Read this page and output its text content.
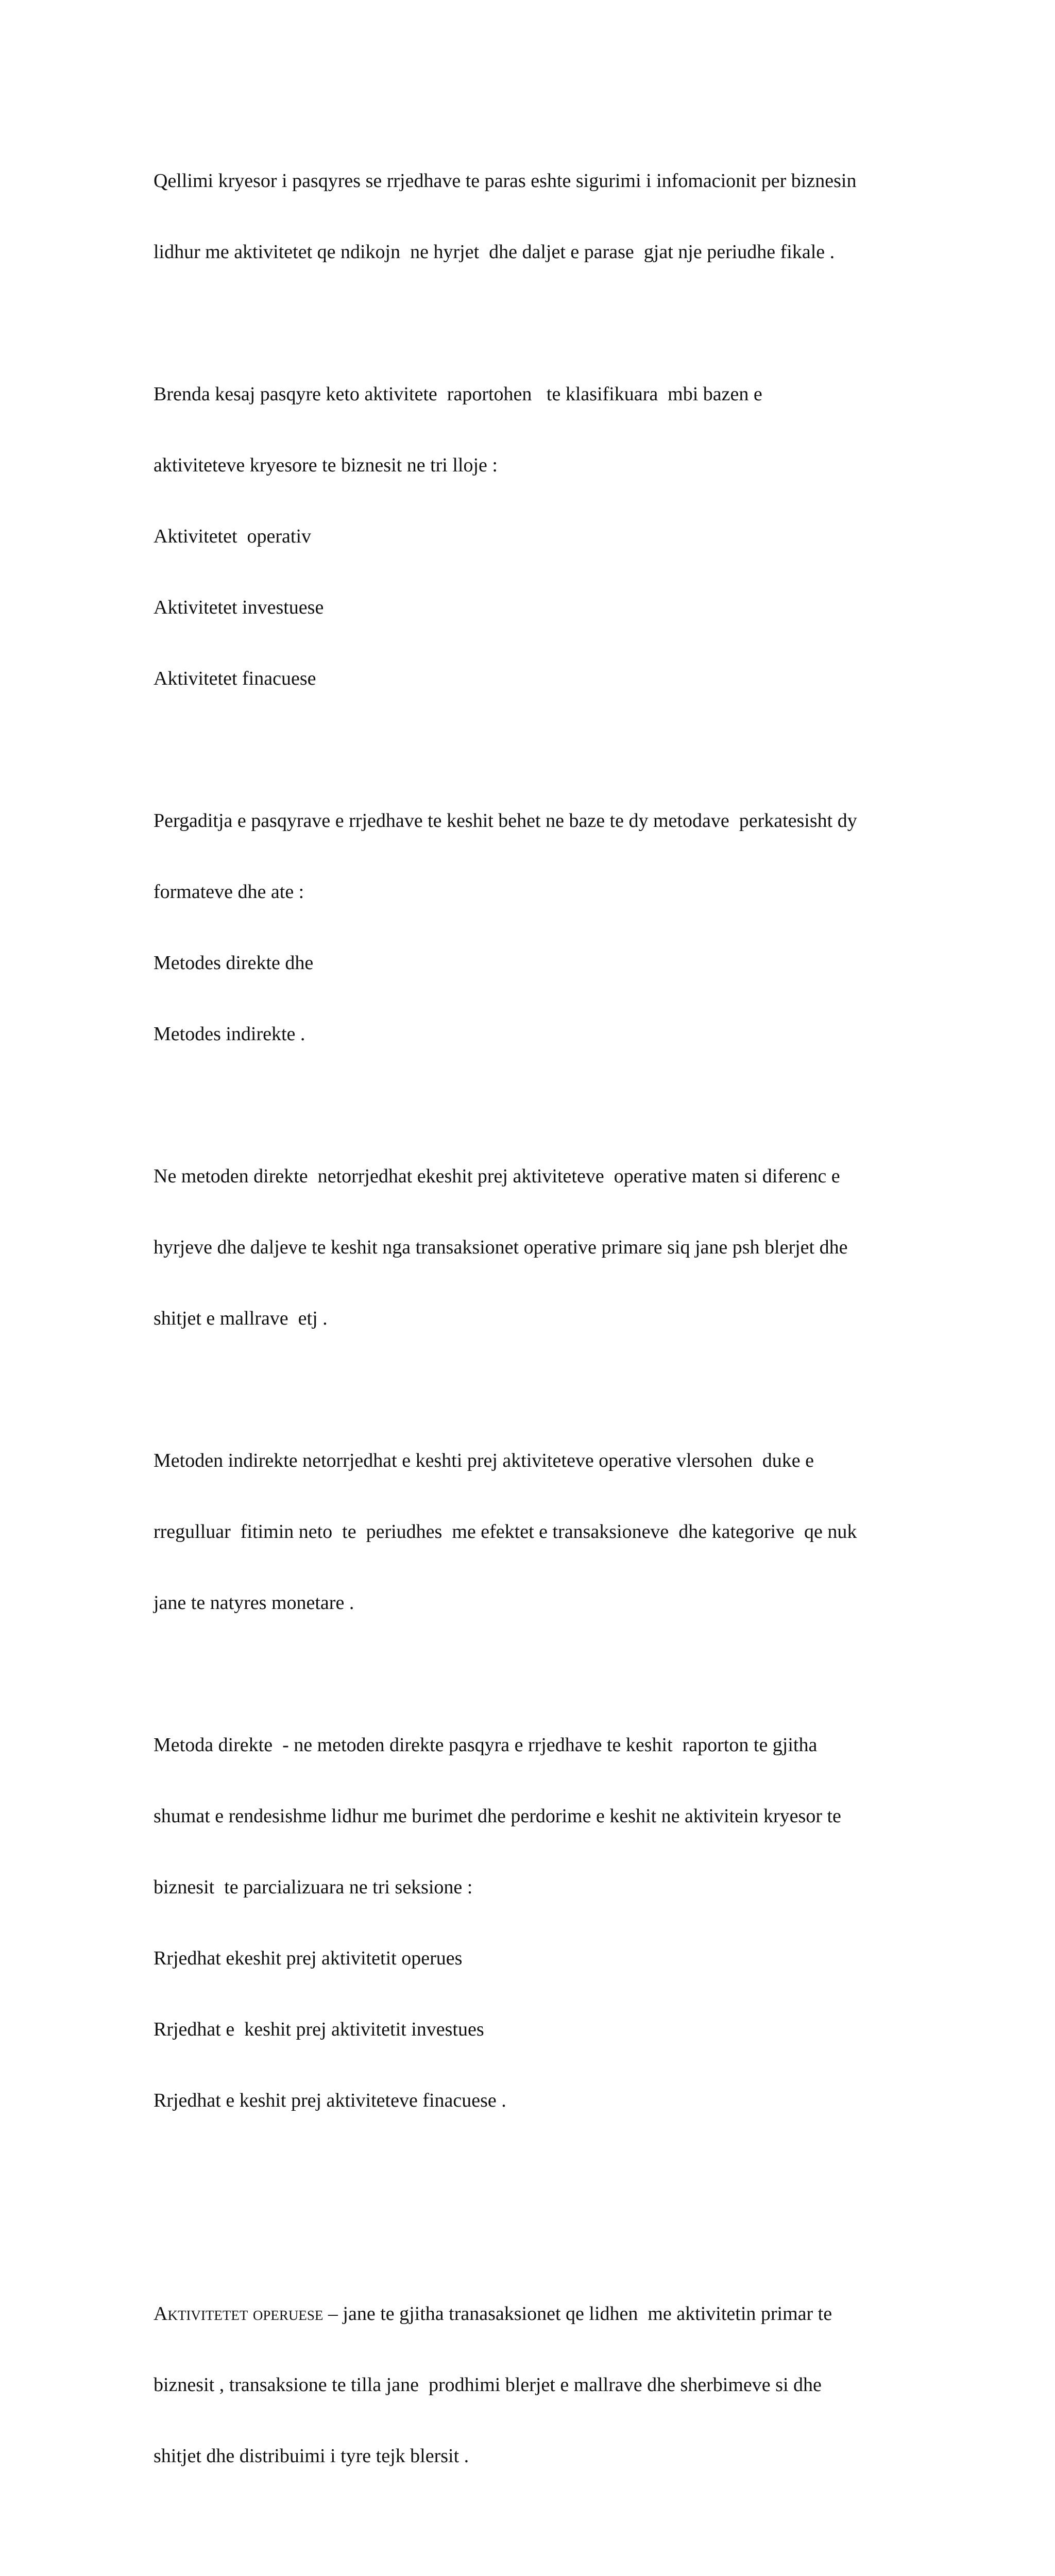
Qellimi kryesor i pasqyres se rrjedhave te paras eshte sigurimi i infomacionit per biznesin

lidhur me aktivitetet qe ndikojn  ne hyrjet  dhe daljet e parase  gjat nje periudhe fikale .

Brenda kesaj pasqyre keto aktivitete  raportohen   te klasifikuara  mbi bazen e

aktiviteteve kryesore te biznesit ne tri lloje :

Aktivitetet  operativ

Aktivitetet investuese

Aktivitetet finacuese

Pergaditja e pasqyrave e rrjedhave te keshit behet ne baze te dy metodave  perkatesisht dy

formateve dhe ate :

Metodes direkte dhe

Metodes indirekte .

Ne metoden direkte  netorrjedhat ekeshit prej aktiviteteve  operative maten si diferenc e

hyrjeve dhe daljeve te keshit nga transaksionet operative primare siq jane psh blerjet dhe

shitjet e mallrave  etj .

Metoden indirekte netorrjedhat e keshti prej aktiviteteve operative vlersohen  duke e

rregulluar  fitimin neto  te  periudhes  me efektet e transaksioneve  dhe kategorive  qe nuk

jane te natyres monetare .

Metoda direkte  - ne metoden direkte pasqyra e rrjedhave te keshit  raporton te gjitha

shumat e rendesishme lidhur me burimet dhe perdorime e keshit ne aktivitein kryesor te

biznesit  te parcializuara ne tri seksione :

Rrjedhat ekeshit prej aktivitetit operues

Rrjedhat e  keshit prej aktivitetit investues

Rrjedhat e keshit prej aktiviteteve finacuese .

Aktivitetet operuese – jane te gjitha tranasaksionet qe lidhen  me aktivitetin primar te

biznesit , transaksione te tilla jane  prodhimi blerjet e mallrave dhe sherbimeve si dhe

shitjet dhe distribuimi i tyre tejk blersit .
